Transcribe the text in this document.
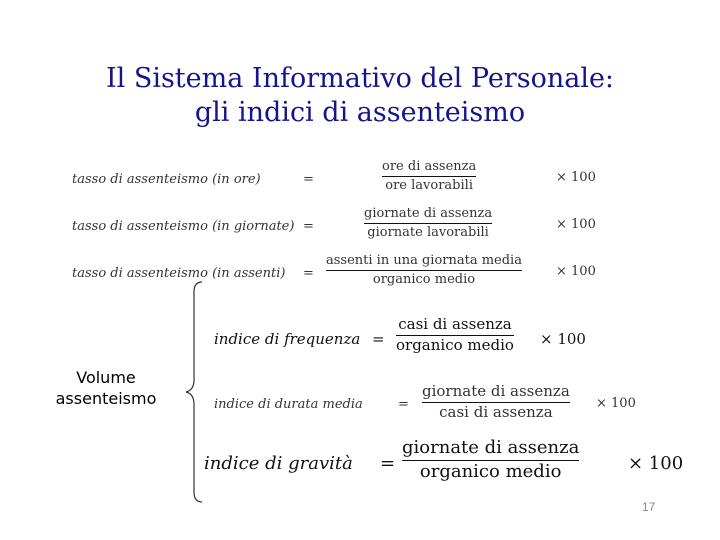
Il Sistema Informativo del Personale:
gli indici di assenteismo
tasso di assenteismo (in ore)	=
ore di assenza
ore lavorabili
× 100
tasso di assenteismo (in giornate) =
giornate di assenza
giornate lavorabili
× 100
tasso di assenteismo (in assenti) =
assenti in una giornata media
organico medio
× 100
indice di frequenza =
casi di assenza
organico medio × 100
indice di durata media	=
giornate di assenza
casi di assenza	× 100
indice di gravità =
giornate di assenza
organico medio	× 100
Volume assenteismo
17
